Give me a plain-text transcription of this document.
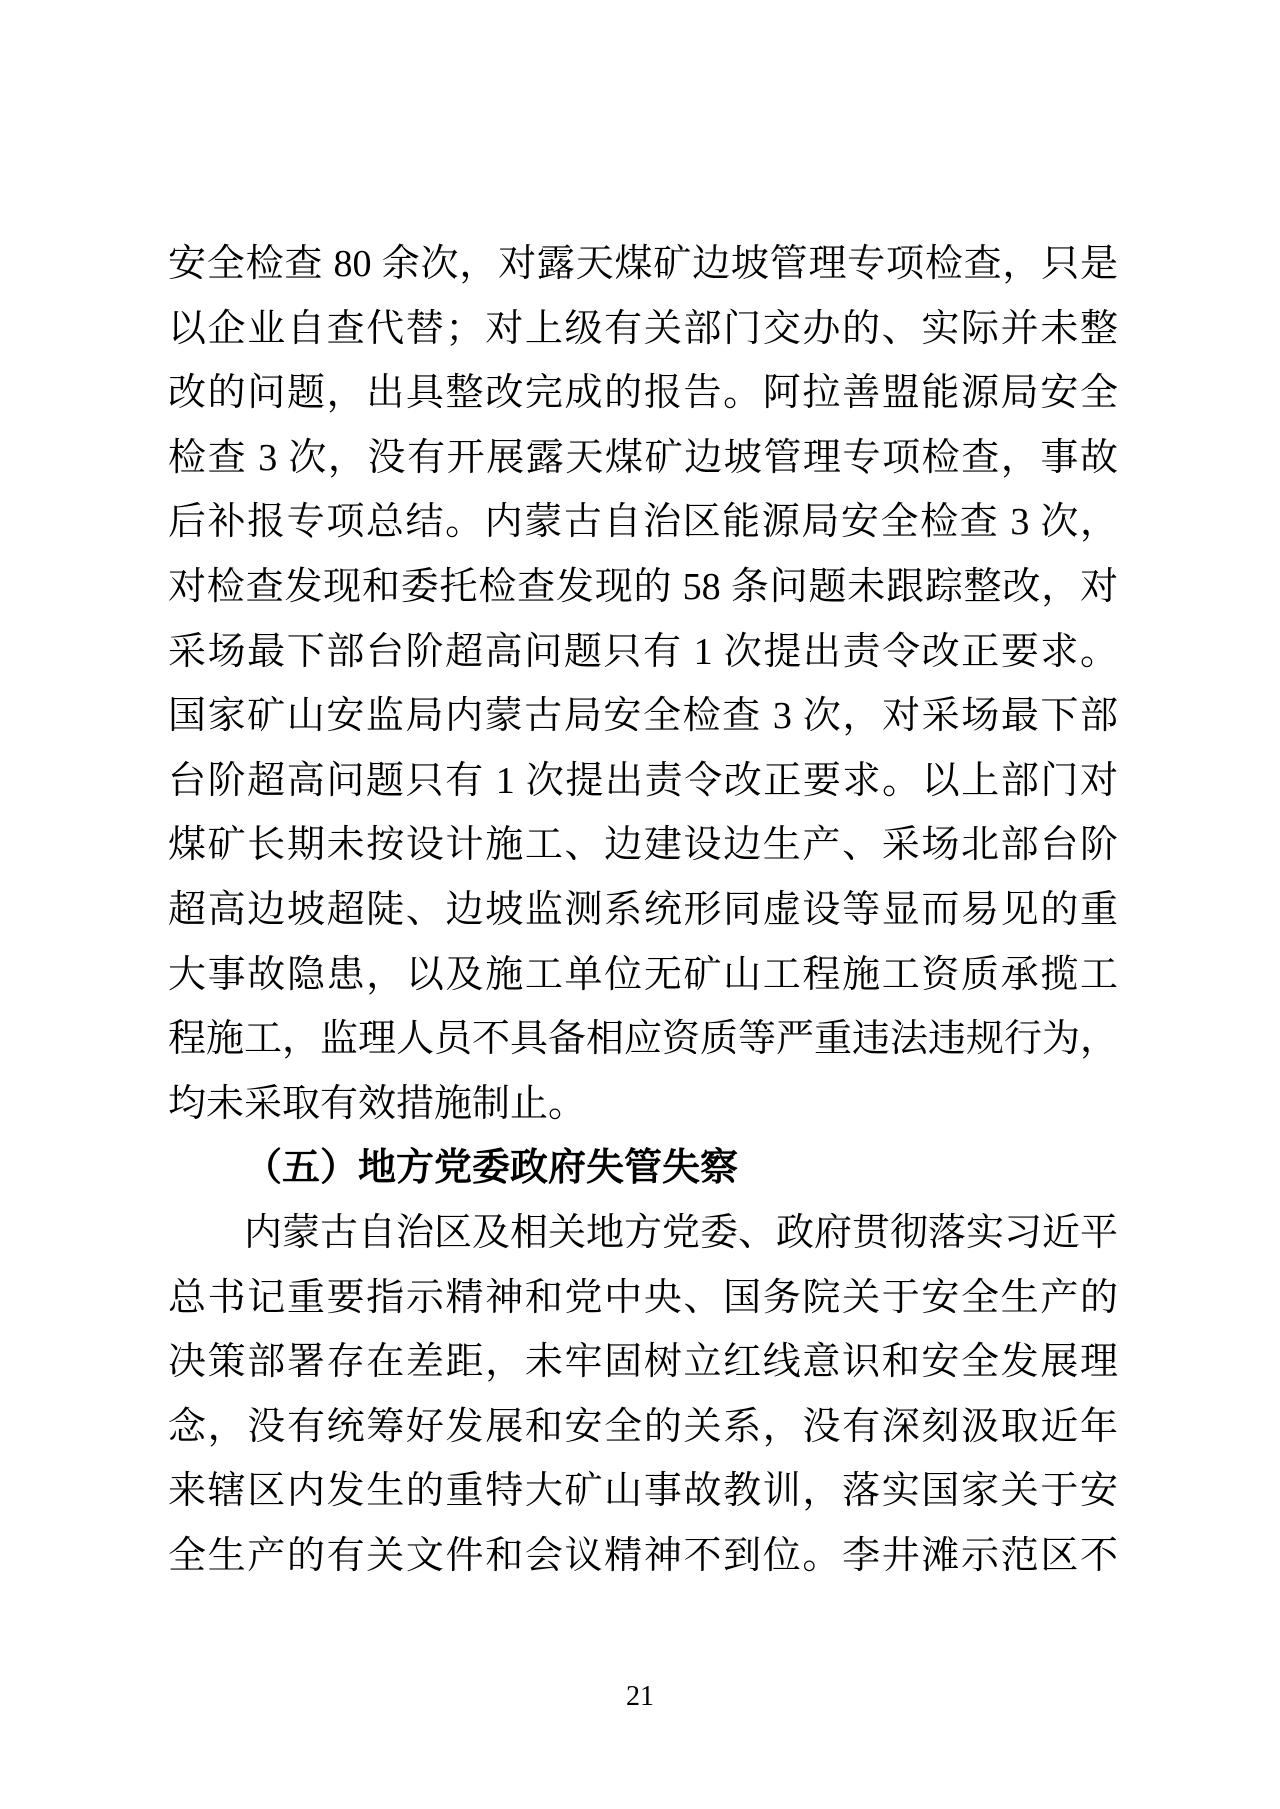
安全检查 80 余次，对露天煤矿边坡管理专项检查，只是
以企业自查代替；对上级有关部门交办的、实际并未整
改的问题，出具整改完成的报告。阿拉善盟能源局安全
检查 3 次，没有开展露天煤矿边坡管理专项检查，事故
后补报专项总结。内蒙古自治区能源局安全检查 3 次，
对检查发现和委托检查发现的 58 条问题未跟踪整改，对
采场最下部台阶超高问题只有 1 次提出责令改正要求。
国家矿山安监局内蒙古局安全检查 3 次，对采场最下部
台阶超高问题只有 1 次提出责令改正要求。以上部门对
煤矿长期未按设计施工、边建设边生产、采场北部台阶
超高边坡超陡、边坡监测系统形同虚设等显而易见的重
大事故隐患，以及施工单位无矿山工程施工资质承揽工
程施工，监理人员不具备相应资质等严重违法违规行为，
均未采取有效措施制止。
（五）地方党委政府失管失察
内蒙古自治区及相关地方党委、政府贯彻落实习近平
总书记重要指示精神和党中央、国务院关于安全生产的
决策部署存在差距，未牢固树立红线意识和安全发展理
念，没有统筹好发展和安全的关系，没有深刻汲取近年
来辖区内发生的重特大矿山事故教训，落实国家关于安
全生产的有关文件和会议精神不到位。李井滩示范区不
21
